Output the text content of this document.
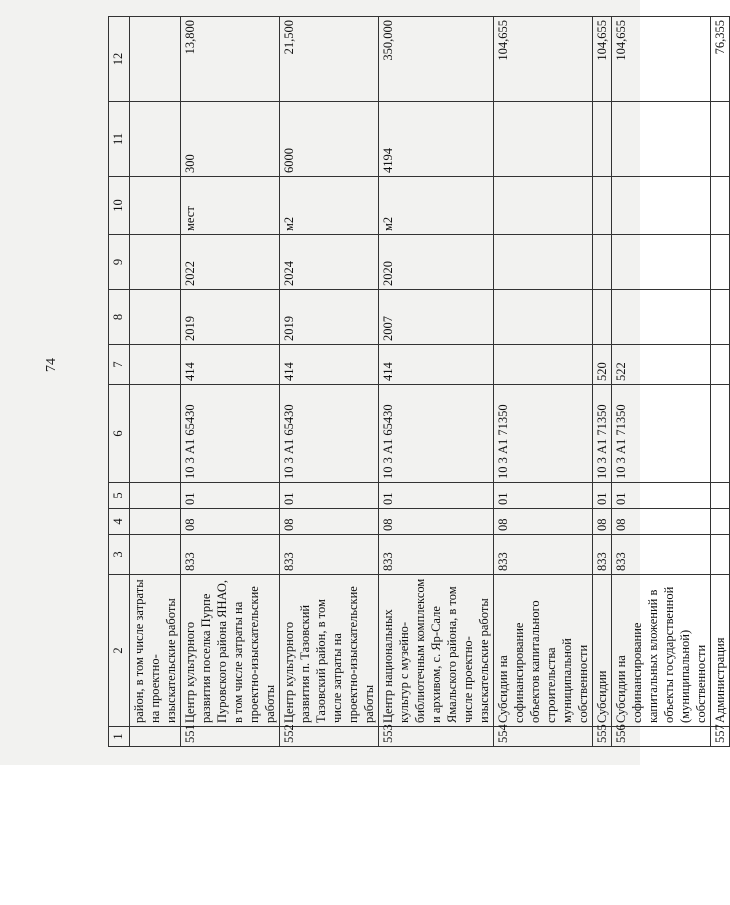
74
1	2	3	4	5	6	7	8	9	10	11	12
	район, в том числе затраты на проектно-изыскательские работы										
551	Центр культурного развития поселка Пурпе Пуровского района ЯНАО, в том числе затраты на проектно-изыскательские работы	833	08	01	10 3 А1 65430	414	2019	2022	мест	300	13,800
552	Центр культурного развития п. Тазовский Тазовский район, в том числе затраты на проектно-изыскательские работы	833	08	01	10 3 А1 65430	414	2019	2024	м2	6000	21,500
553	Центр национальных культур с музейно-библиотечным комплексом и архивом, с. Яр-Сале Ямальского района, в том числе проектно-изыскательские работы	833	08	01	10 3 А1 65430	414	2007	2020	м2	4194	350,000
554	Субсидии на софинансирование объектов капитального строительства муниципальной собственности	833	08	01	10 3 А1 71350						104,655
555	Субсидии	833	08	01	10 3 А1 71350	520					104,655
556	Субсидии на софинансирование капитальных вложений в объекты государственной (муниципальной) собственности	833	08	01	10 3 А1 71350	522					104,655
557	Администрация										76,355
